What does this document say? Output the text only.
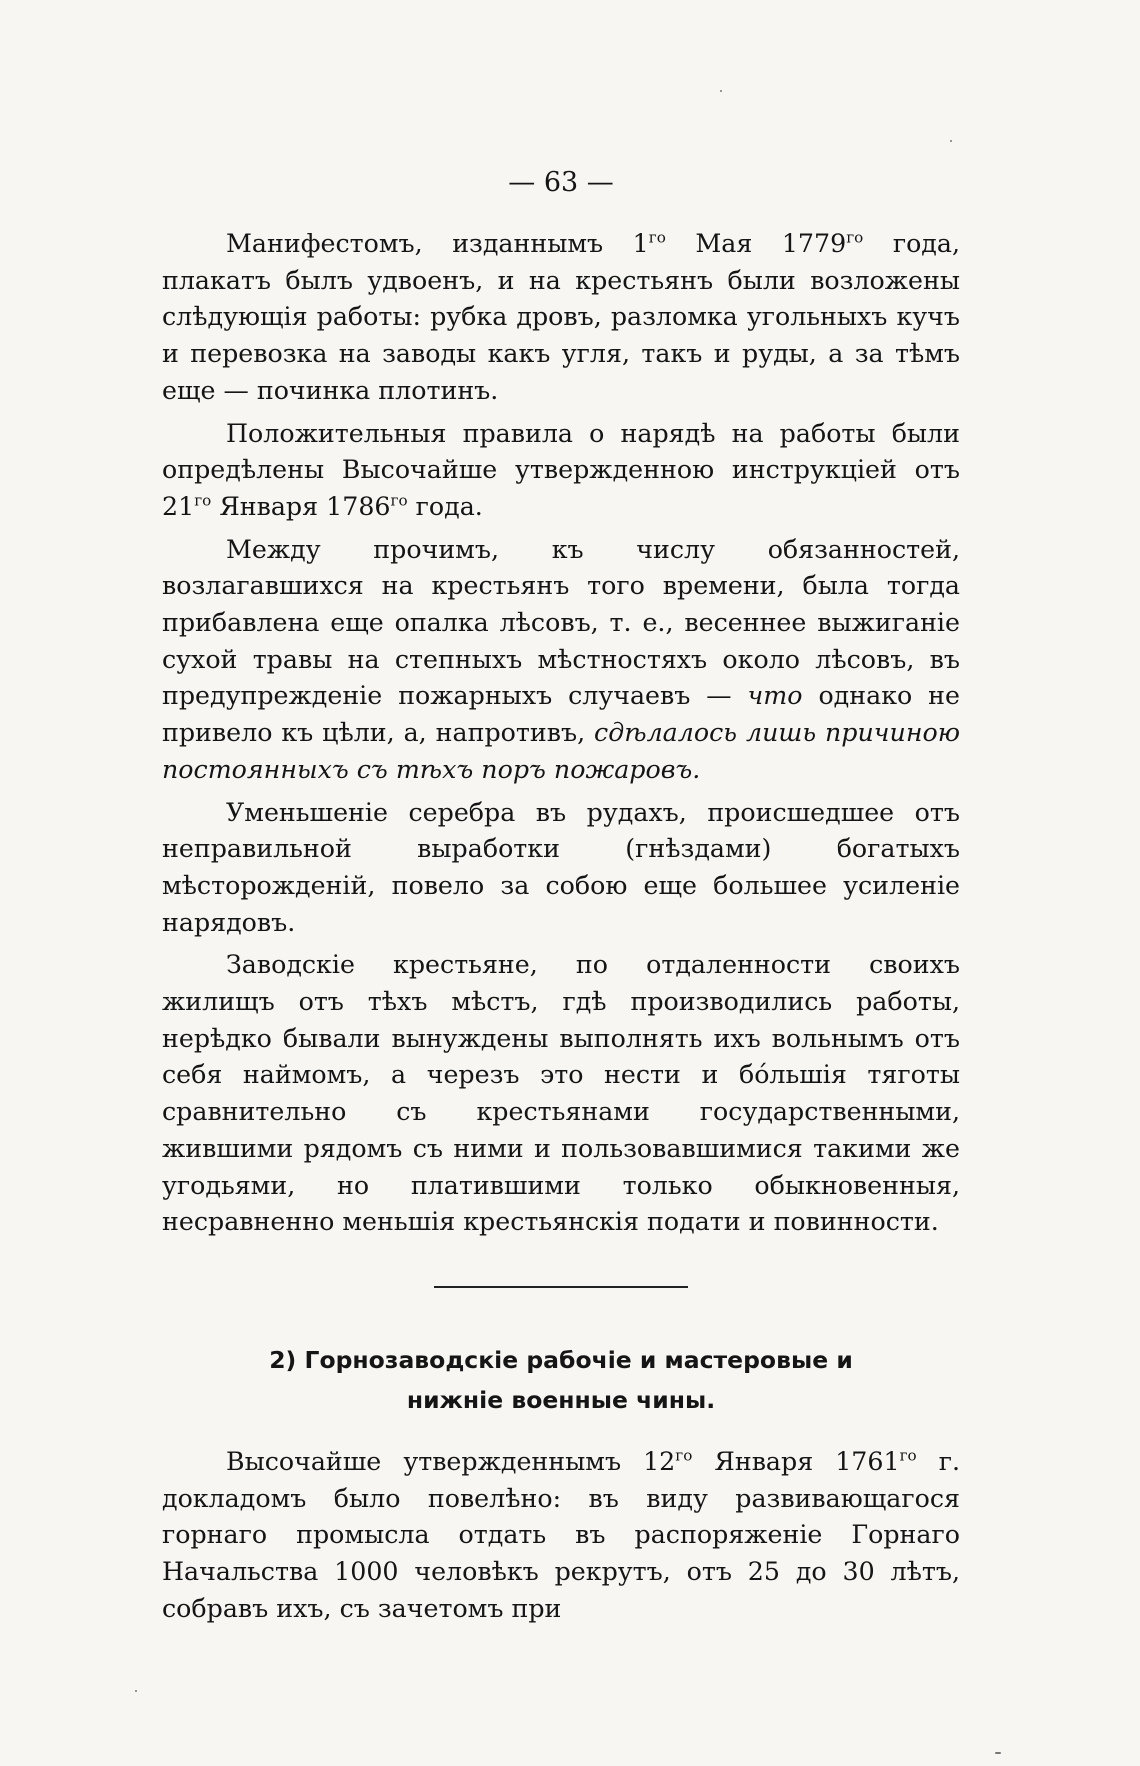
— 63 —

Манифестомъ, изданнымъ $1^{го}$ Мая $1779^{го}$ года, плакатъ былъ удвоенъ, и на крестьянъ были возложены слѣдующія работы: рубка дровъ, разломка угольныхъ кучъ и перевозка на заводы какъ угля, такъ и руды, а за тѣмъ еще — починка плотинъ.

Положительныя правила о нарядѣ на работы были опредѣлены Высочайше утвержденною инструкціей отъ $21^{го}$ Января $1786^{го}$ года.

Между прочимъ, къ числу обязанностей, возлагавшихся на крестьянъ того времени, была тогда прибавлена еще опалка лѣсовъ, т. е., весеннее выжиганіе сухой травы на степныхъ мѣстностяхъ около лѣсовъ, въ предупрежденіе пожарныхъ случаевъ — что однако не привело къ цѣли, а, напротивъ, сдѣлалось лишь причиною постоянныхъ съ тѣхъ поръ пожаровъ.

Уменьшеніе серебра въ рудахъ, происшедшее отъ неправильной выработки (гнѣздами) богатыхъ мѣсторожденій, повело за собою еще большее усиленіе нарядовъ.

Заводскіе крестьяне, по отдаленности своихъ жилищъ отъ тѣхъ мѣстъ, гдѣ производились работы, нерѣдко бывали вынуждены выполнять ихъ вольнымъ отъ себя наймомъ, а черезъ это нести и бóльшія тяготы сравнительно съ крестьянами государственными, жившими рядомъ съ ними и пользовавшимися такими же угодьями, но платившими только обыкновенныя, несравненно меньшія крестьянскія подати и повинности.

2) Горнозаводскіе рабочіе и мастеровые и нижніе военные чины.

Высочайше утвержденнымъ $12^{го}$ Января $1761^{го}$ г. докладомъ было повелѣно: въ виду развивающагося горнаго промысла отдать въ распоряженіе Горнаго Начальства 1000 человѣкъ рекрутъ, отъ 25 до 30 лѣтъ, собравъ ихъ, съ зачетомъ при
